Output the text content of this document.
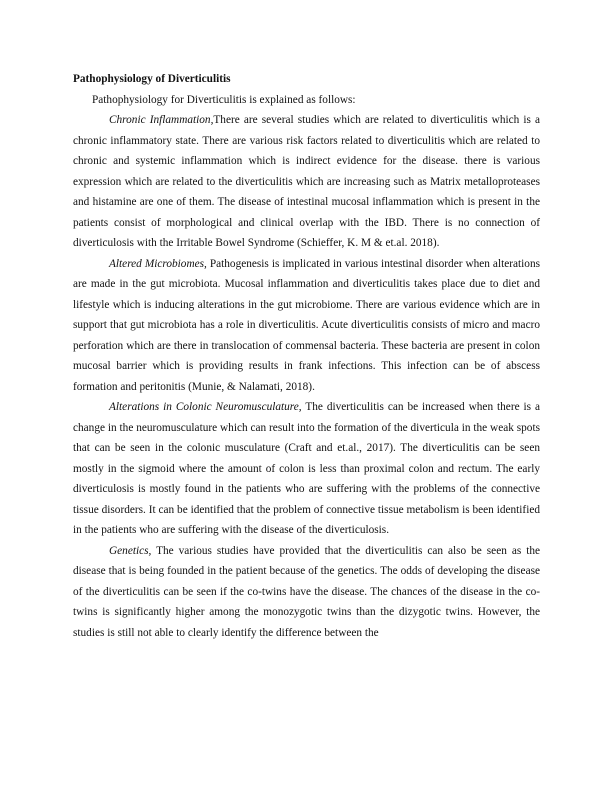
Pathophysiology of Diverticulitis

Pathophysiology for Diverticulitis is explained as follows:

Chronic Inflammation,There are several studies which are related to diverticulitis which is a chronic inflammatory state. There are various risk factors related to diverticulitis which are related to chronic and systemic inflammation which is indirect evidence for the disease. there is various expression which are related to the diverticulitis which are increasing such as Matrix metalloproteases and histamine are one of them. The disease of intestinal mucosal inflammation which is present in the patients consist of morphological and clinical overlap with the IBD. There is no connection of diverticulosis with the Irritable Bowel Syndrome (Schieffer, K. M & et.al. 2018).

Altered Microbiomes, Pathogenesis is implicated in various intestinal disorder when alterations are made in the gut microbiota. Mucosal inflammation and diverticulitis takes place due to diet and lifestyle which is inducing alterations in the gut microbiome. There are various evidence which are in support that gut microbiota has a role in diverticulitis. Acute diverticulitis consists of micro and macro perforation which are there in translocation of commensal bacteria. These bacteria are present in colon mucosal barrier which is providing results in frank infections. This infection can be of abscess formation and peritonitis (Munie, & Nalamati, 2018).

Alterations in Colonic Neuromusculature, The diverticulitis can be increased when there is a change in the neuromusculature which can result into the formation of the diverticula in the weak spots that can be seen in the colonic musculature (Craft and et.al., 2017). The diverticulitis can be seen mostly in the sigmoid where the amount of colon is less than proximal colon and rectum. The early diverticulosis is mostly found in the patients who are suffering with the problems of the connective tissue disorders. It can be identified that the problem of connective tissue metabolism is been identified in the patients who are suffering with the disease of the diverticulosis.

Genetics, The various studies have provided that the diverticulitis can also be seen as the disease that is being founded in the patient because of the genetics. The odds of developing the disease of the diverticulitis can be seen if the co-twins have the disease. The chances of the disease in the co-twins is significantly higher among the monozygotic twins than the dizygotic twins. However, the studies is still not able to clearly identify the difference between the
